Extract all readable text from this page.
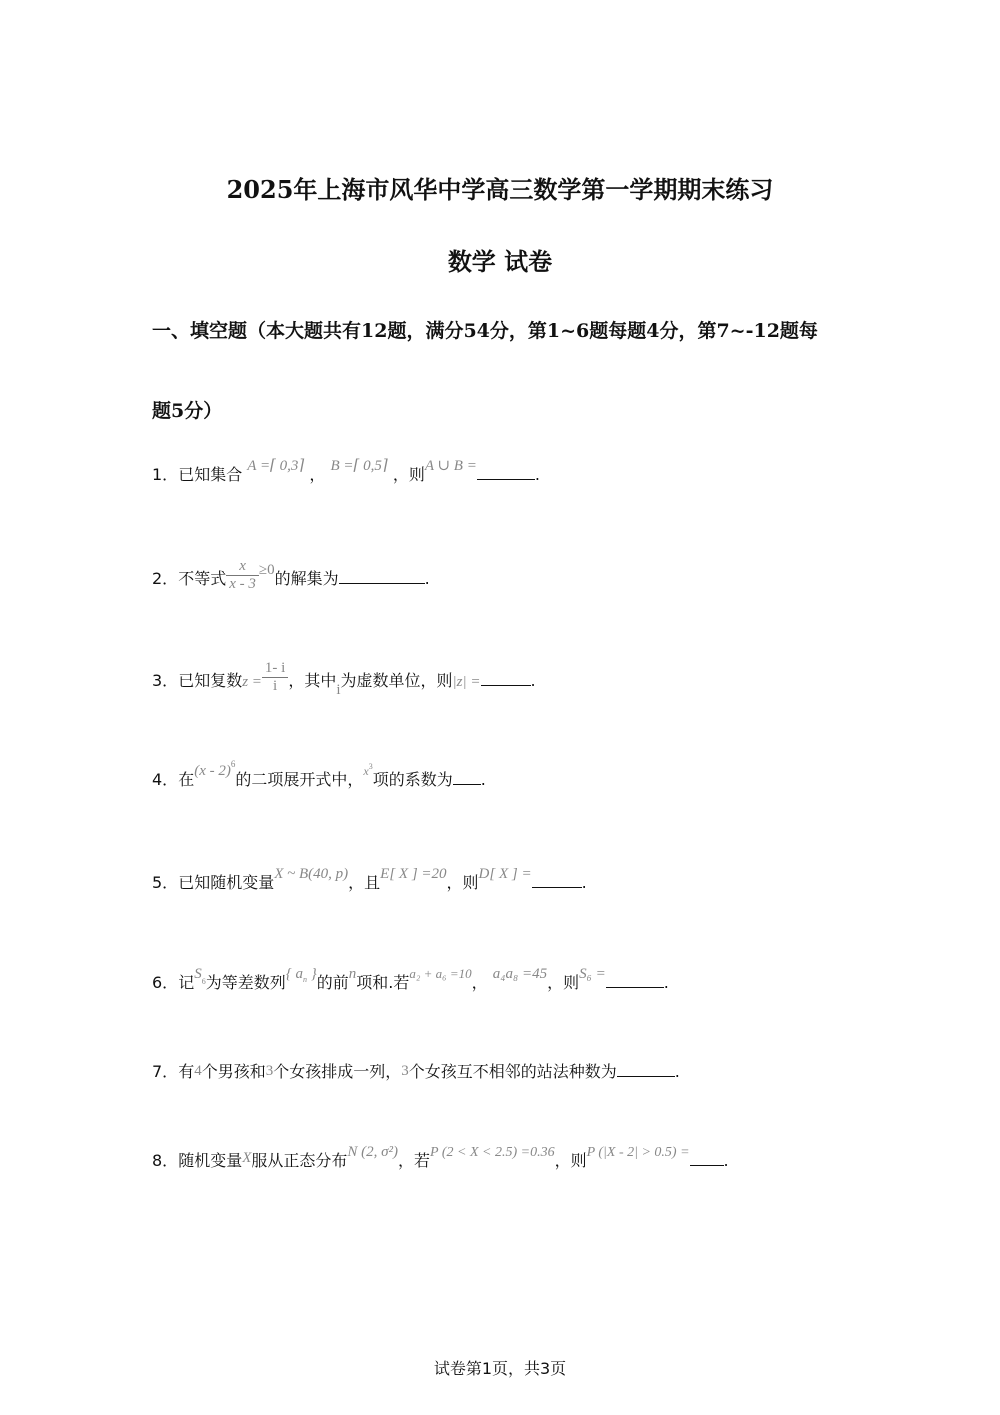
2025年上海市风华中学高三数学第一学期期末练习
数学 试卷
一、填空题（本大题共有12题，满分54分，第1~6题每题4分，第7~-12题每
题5分）
1．已知集合 A =⌈ 0,3⌉ ， B =⌈ 0,5⌉ ，则A ∪ B =	.
2．不等式 $\frac{x}{x - 3} \ge 0$的解集为	.
3．已知复数$z = \frac{1- i}{i}$ ，其中i为虚数单位，则|z| =	.
4．在(x - 2)$^6$的二项展开式中，$^{x3}$项的系数为 .
5．已知随机变量X ~ B(40, p)，且E[ X ] =20，则D[ X ] =	.
6．记$S^6$为等差数列{ $a^n$ }的前n项和.若$^{a_2 + a_6 =10}$， a₄a₈ =45，则S₆ =	.
7．有4个男孩和3个女孩排成一列，3个女孩互不相邻的站法种数为	.
8．随机变量X服从正态分布N (2, σ²)，若P (2 < X < 2.5) =0.36，则P (|X - 2| > 0.5) = .
试卷第1页，共3页
